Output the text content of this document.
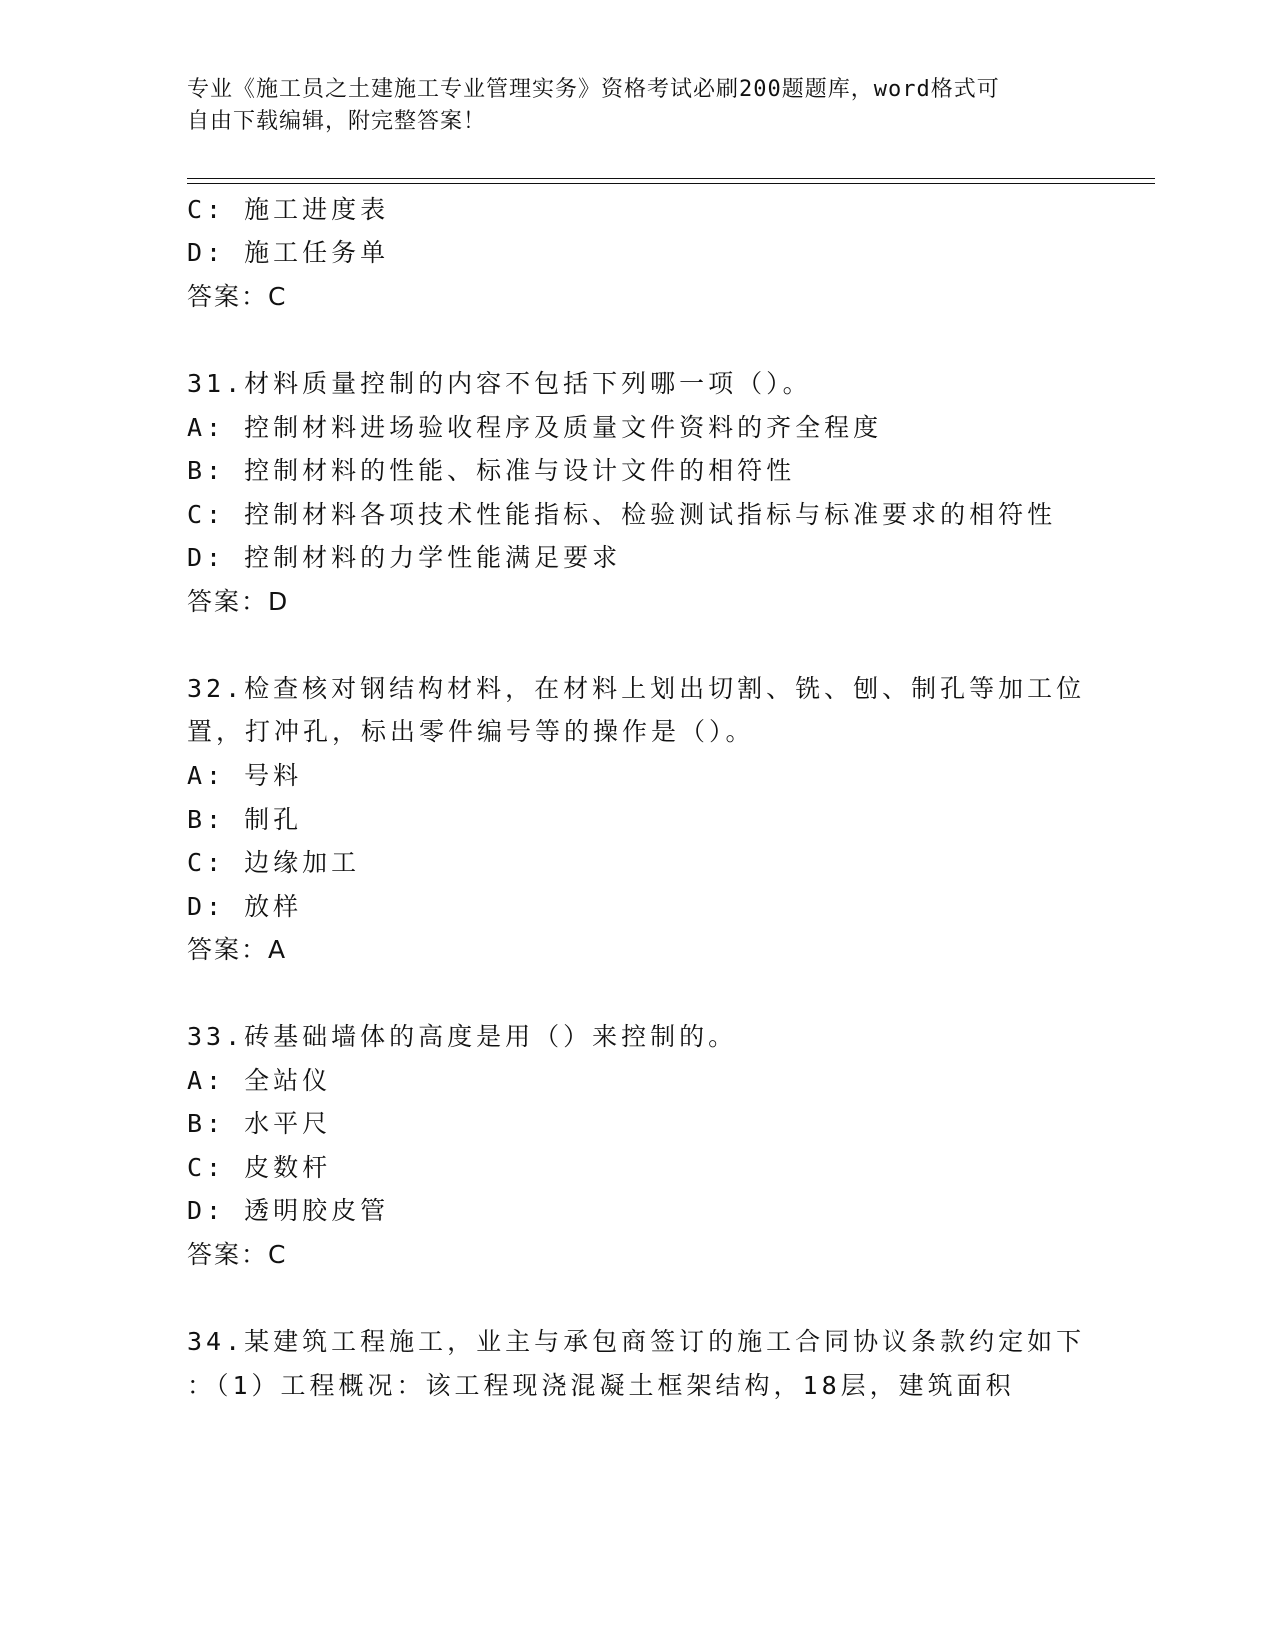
专业《施工员之土建施工专业管理实务》资格考试必刷200题题库，word格式可
自由下载编辑，附完整答案！
C: 施工进度表
D: 施工任务单
答案：C
31.材料质量控制的内容不包括下列哪一项（）。
A: 控制材料进场验收程序及质量文件资料的齐全程度
B: 控制材料的性能、标准与设计文件的相符性
C: 控制材料各项技术性能指标、检验测试指标与标准要求的相符性
D: 控制材料的力学性能满足要求
答案：D
32.检查核对钢结构材料，在材料上划出切割、铣、刨、制孔等加工位
置，打冲孔，标出零件编号等的操作是（）。
A: 号料
B: 制孔
C: 边缘加工
D: 放样
答案：A
33.砖基础墙体的高度是用（）来控制的。
A: 全站仪
B: 水平尺
C: 皮数杆
D: 透明胶皮管
答案：C
34.某建筑工程施工，业主与承包商签订的施工合同协议条款约定如下
：（1）工程概况：该工程现浇混凝土框架结构，18层，建筑面积
